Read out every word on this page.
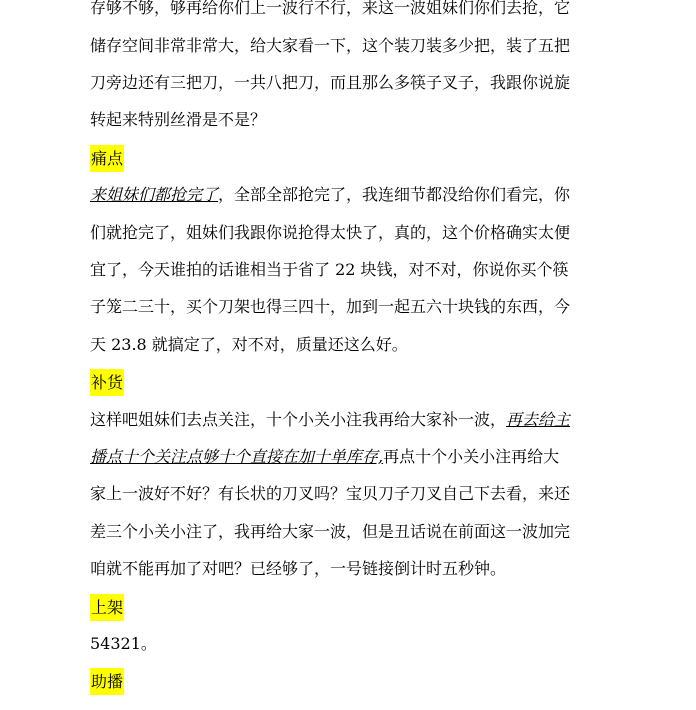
存够不够，够再给你们上一波行不行，来这一波姐妹们你们去抢，它
储存空间非常非常大，给大家看一下，这个装刀装多少把，装了五把
刀旁边还有三把刀，一共八把刀，而且那么多筷子叉子，我跟你说旋
转起来特别丝滑是不是？
痛点
来姐妹们都抢完了，全部全部抢完了，我连细节都没给你们看完，你
们就抢完了，姐妹们我跟你说抢得太快了，真的，这个价格确实太便
宜了，今天谁拍的话谁相当于省了 22 块钱，对不对，你说你买个筷
子笼二三十，买个刀架也得三四十，加到一起五六十块钱的东西，今
天 23.8 就搞定了，对不对，质量还这么好。
补货
这样吧姐妹们去点关注，十个小关小注我再给大家补一波，再去给主
播点十个关注点够十个直接在加十单库存,再点十个小关小注再给大
家上一波好不好？有长状的刀叉吗？宝贝刀子刀叉自己下去看，来还
差三个小关小注了，我再给大家一波，但是丑话说在前面这一波加完
咱就不能再加了对吧？已经够了，一号链接倒计时五秒钟。
上架
54321。
助播
